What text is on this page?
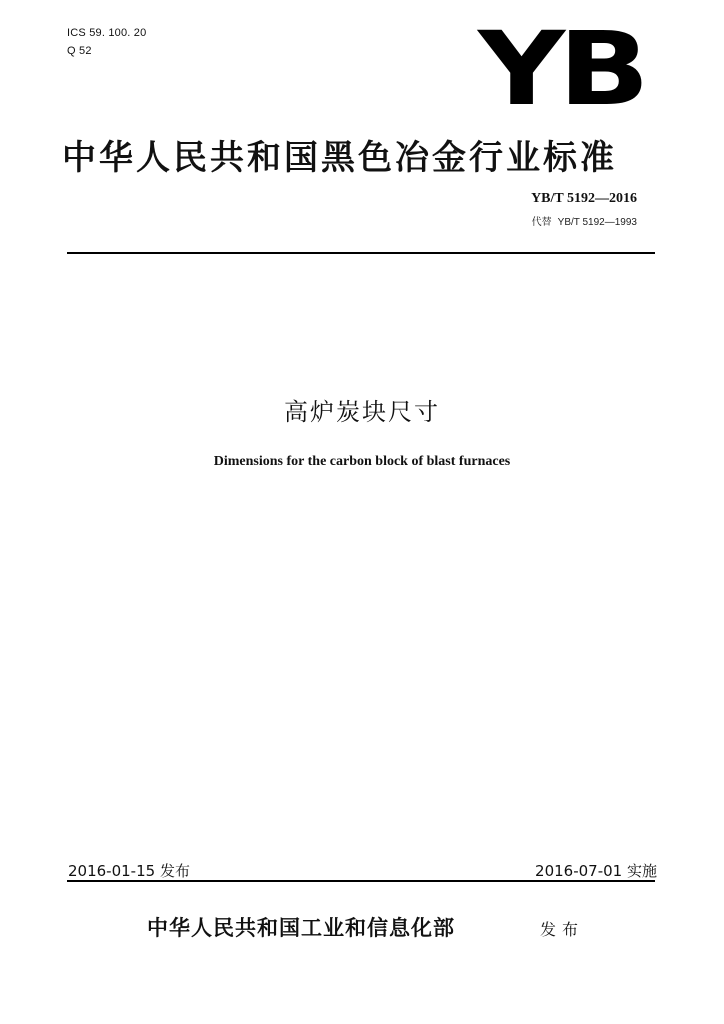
ICS 59. 100. 20
Q 52	YB
中华人民共和国黑色冶金行业标准
YB/T 5192—2016
代替 YB/T 5192—1993
高炉炭块尺寸
Dimensions for the carbon block of blast furnaces
2016-01-15 发布	2016-07-01 实施
中华人民共和国工业和信息化部	发布
